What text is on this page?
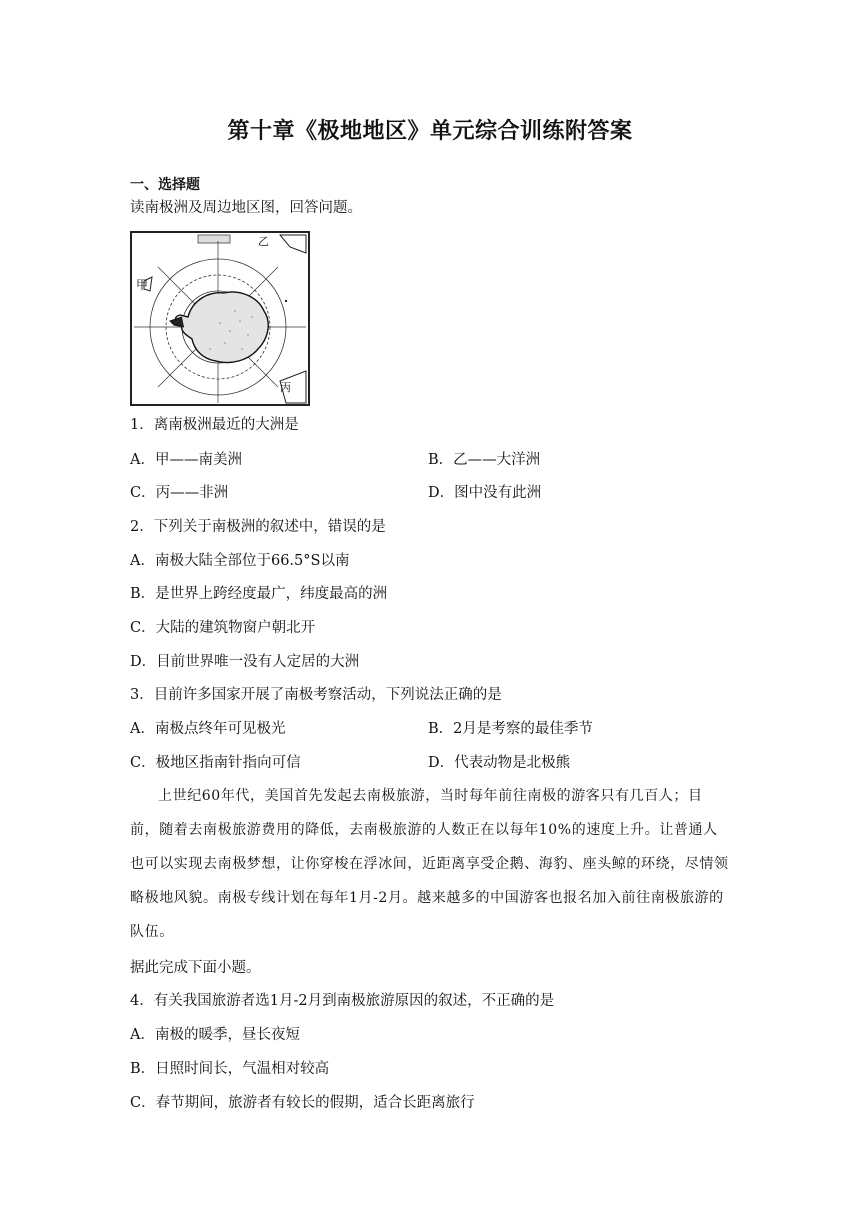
第十章《极地地区》单元综合训练附答案
一、选择题
读南极洲及周边地区图，回答问题。
甲
乙
丙
1．离南极洲最近的大洲是
A．甲——南美洲	B．乙——大洋洲
C．丙——非洲	D．图中没有此洲
2．下列关于南极洲的叙述中，错误的是
A．南极大陆全部位于66.5°S以南
B．是世界上跨经度最广，纬度最高的洲
C．大陆的建筑物窗户朝北开
D．目前世界唯一没有人定居的大洲
3．目前许多国家开展了南极考察活动，下列说法正确的是
A．南极点终年可见极光	B．2月是考察的最佳季节
C．极地区指南针指向可信	D．代表动物是北极熊
上世纪60年代，美国首先发起去南极旅游，当时每年前往南极的游客只有几百人；目前，随着去南极旅游费用的降低，去南极旅游的人数正在以每年10%的速度上升。让普通人也可以实现去南极梦想，让你穿梭在浮冰间，近距离享受企鹅、海豹、座头鲸的环绕，尽情领略极地风貌。南极专线计划在每年1月-2月。越来越多的中国游客也报名加入前往南极旅游的队伍。
据此完成下面小题。
4．有关我国旅游者选1月-2月到南极旅游原因的叙述，不正确的是
A．南极的暖季，昼长夜短
B．日照时间长，气温相对较高
C．春节期间，旅游者有较长的假期，适合长距离旅行
